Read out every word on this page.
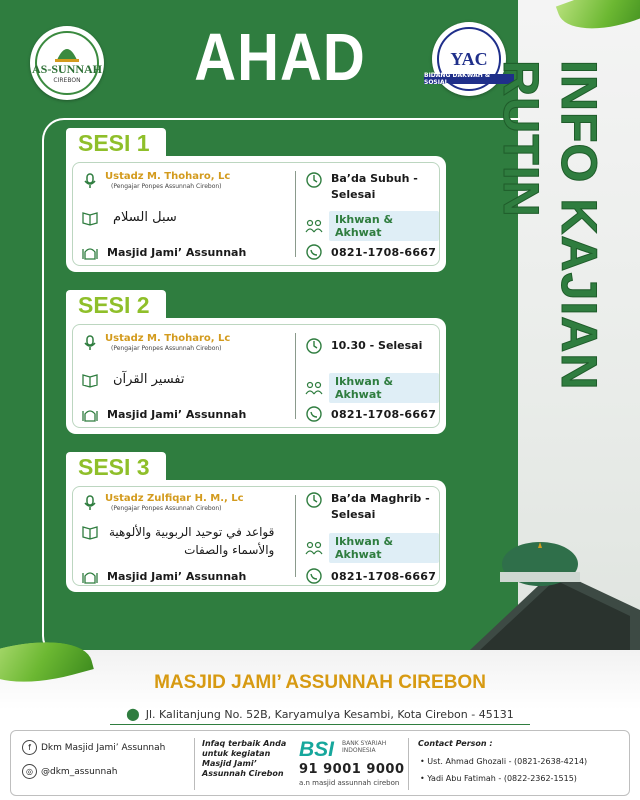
AS-SUNNAH
CIREBON
YAC
BIDANG DAKWAH & SOSIAL
AHAD
INFO KAJIAN RUTIN
SESI 1
Ustadz M. Thoharo, Lc
(Pengajar Ponpes Assunnah Cirebon)
سبل السلام
Masjid Jami’ Assunnah
Ba’da Subuh -
Selesai
Ikhwan & Akhwat
0821-1708-6667
SESI 2
Ustadz M. Thoharo, Lc
(Pengajar Ponpes Assunnah Cirebon)
تفسير القرآن
Masjid Jami’ Assunnah
10.30 - Selesai
Ikhwan & Akhwat
0821-1708-6667
SESI 3
Ustadz Zulfiqar H. M., Lc
(Pengajar Ponpes Assunnah Cirebon)
قواعد في توحيد الربوبية والألوهية
والأسماء والصفات
Masjid Jami’ Assunnah
Ba’da Maghrib -
Selesai
Ikhwan & Akhwat
0821-1708-6667
MASJID JAMI’ ASSUNNAH CIREBON
⬤ Jl. Kalitanjung No. 52B, Karyamulya Kesambi, Kota Cirebon - 45131
f	Dkm Masjid Jami’ Assunnah
◎ @dkm_assunnah
Infaq terbaik Anda
untuk kegiatan
Masjid Jami’
Assunnah Cirebon
BSI BANK SYARIAH
INDONESIA
91 9001 9000
a.n masjid assunnah cirebon
Contact Person :
• Ust. Ahmad Ghozali - (0821-2638-4214)
• Yadi Abu Fatimah - (0822-2362-1515)
